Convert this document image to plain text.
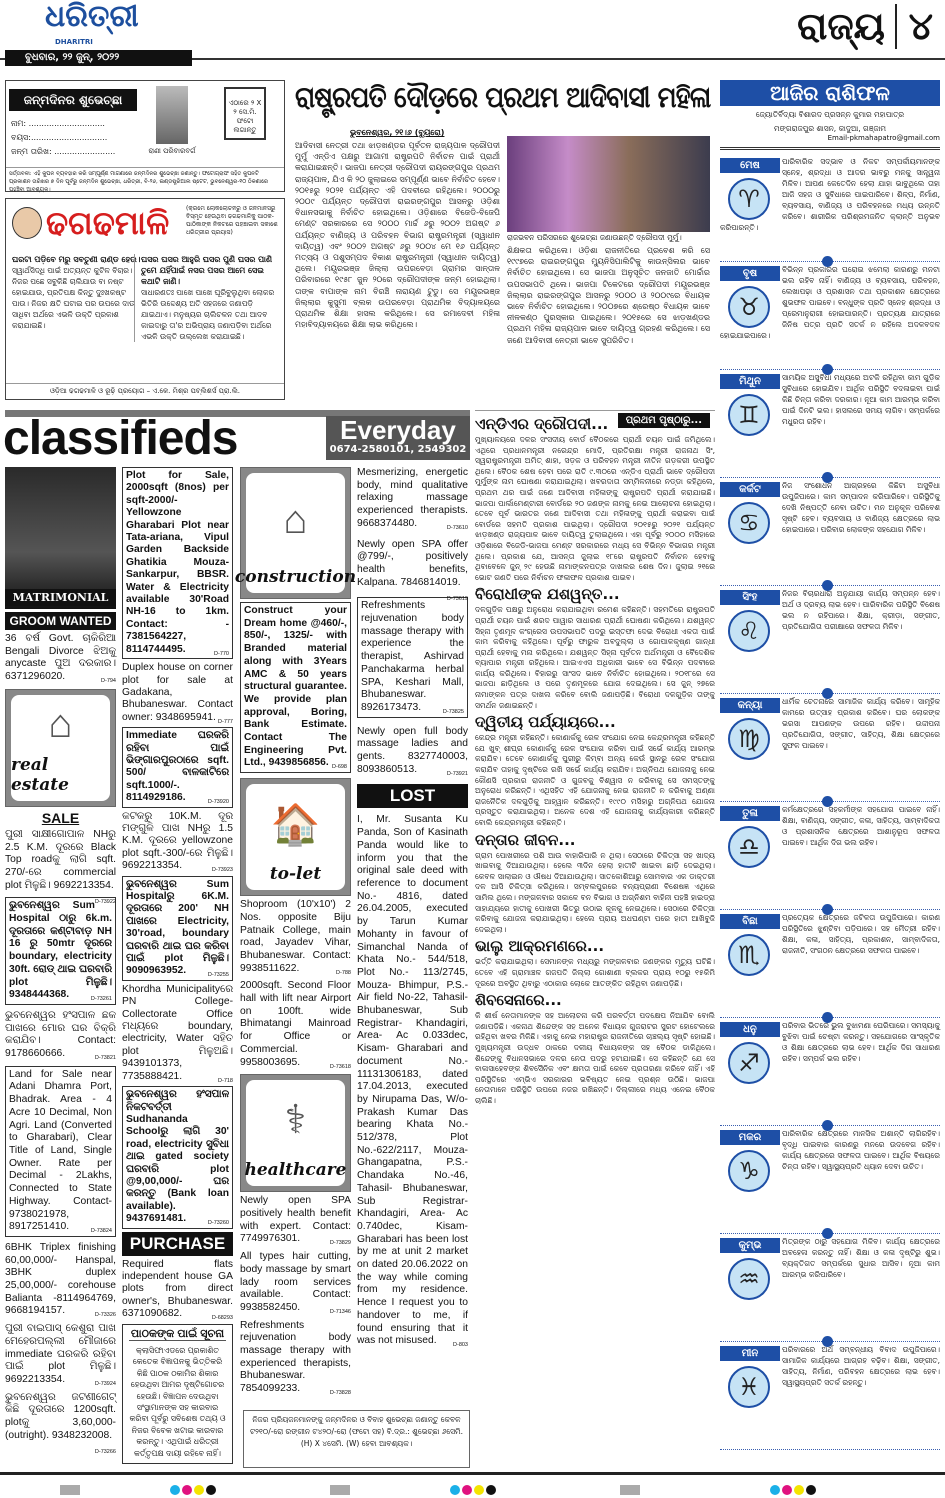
ଧରିତ୍ରୀ
DHARITRI
ବୁଧବାର, ୨୨ ଜୁନ୍, ୨୦୨୨
ରାଜ୍ୟ ୪
ଜନ୍ମଦିନର ଶୁଭେଚ୍ଛା
ନାମ: ..............................
ବୟସ:..............................
ଜନ୍ମ ତାରିଖ: ........................	ରାଣୀ ପରିବାରବର୍ଗ
ଏଠାରେ ୨ X ୨ ସେ.ମି. ଫଟୋ ଲଗାନ୍ତୁ
ସର୍ତ୍ତାବଳୀ: ଏହି କୁପନ ବ୍ୟବହାର କରି ସମ୍ପୂର୍ଣ୍ଣ ମାଗଣାରେ ଜନ୍ମଦିନର ଶୁଭେଚ୍ଛା ଜଣାନ୍ତୁ। ଫଟୋଗ୍ରାଫ ସହିତ କୁପନଟି ପ୍ରକାଶନ ତାରିଖର ୭ ଦିନ ପୂର୍ବରୁ ଜନ୍ମଦିନ ଶୁଭେଚ୍ଛା, ଧରିତ୍ରୀ, ବି-୨୬, ଇଣ୍ଡଷ୍ଟ୍ରିଆଲ ଷ୍ଟେଟ, ଭୁବନେଶ୍ୱର-୧୦ ଠିକଣାରେ ପହଞ୍ଚିବା ଆବଶ୍ୟକ।
ଢଗଢମାଳି	(କ୍ରମେ ଲୋକଲୋଚନରୁ ଓ ଜନମାନସରୁ ବିସ୍ମୃତ ହେଉଥିବା ଢଗଢମାଳିକୁ ପାଠକ-ପାଠିକାଙ୍କ ନିକଟରେ ପହଞ୍ଚାଇବା ସକାଶେ ଧରିତ୍ରୀର ପ୍ରୟାସ)
ଘରଟା ପଡ଼ିବେ ମରୁ ସବତୁଣୀ ରାଣ୍ଡ ହେଉ।
ସ୍ୱାର୍ଥସିଦ୍ଧି ପାଇଁ ଅତ୍ୟନ୍ତ କୁଟିଳ ବିଚାର। ନିଜର ପଛେ ସବୁକିଛି ଚାଲିଯାଉ ବା ନଷ୍ଟ ହୋଇଯାଉ, ପ୍ରତିପକ୍ଷ କିନ୍ତୁ ଦୁଃଖକଷ୍ଟ ପାଉ। ନିଜର କ୍ଷତି ଘଟାଇ ପର ଉପରେ ଦାଉ ସାଧିବା ଅର୍ଥରେ ଏଭଳି ଉକ୍ତି ପ୍ରକାଶ କରାଯାଇଛି।
ଘସର ଘସର ଆହୁରି ଘସର ପୁଣି ଘସର ପାଣି ତୁମେ ଯହିଁପାଇଁ ନସର ପସର ଆମେ ସେଇ କଥାଟି ଜାଣି।
ସାଧାରଣତଃ ପାଖେ ପାଖେ ଘୂରିବୁଲୁଥିବା ଲୋକର ଭିତିରି ଉଦ୍ଦେଶ୍ୟ ଅତି ସହଜରେ ଜଣାପଡ଼ି ଯାଇଥାଏ। ମନୁଷ୍ୟର ଚାଲିଚଳନ ତଥା ଆଦବ କାଇଦାରୁ ତା'ର ଅଭିପ୍ରାୟ ଜଣାପଡ଼ିବା ଅର୍ଥରେ ଏଭଳି ଉକ୍ତି ଉଲ୍ଲେଖ କରାଯାଇଛି।
ଓଡ଼ିଆ ଢଗଢମାଳି ଓ ରୂଢ଼ି ପ୍ରୟୋଗ – ଏ.କେ. ମିଶ୍ର ପବ୍ଲିଶର୍ସ ପ୍ରା.ଲି.
ରାଷ୍ଟ୍ରପତି ଦୌଡ଼ରେ ପ୍ରଥମ ଆଦିବାସୀ ମହିଳା
ଭୁବନେଶ୍ୱର, ୨୧।୬ (ବ୍ୟୁରୋ)
ଆଦିବାସୀ ନେତ୍ରୀ ତଥା ଝାଡ଼ଖଣ୍ଡର ପୂର୍ବତନ ରାଜ୍ୟପାଳ ଦ୍ରୌପଦୀ ମୁର୍ମୁ ଏନ୍‌ଡିଏ ପକ୍ଷରୁ ଆଗାମୀ ରାଷ୍ଟ୍ରପତି ନିର୍ବାଚନ ପାଇଁ ପ୍ରାର୍ଥୀ କରାଯାଇଛନ୍ତି। ଭାଜପା ନେତ୍ରୀ ଦ୍ରୌପଦୀ ରାୟରଙ୍ଗପୁର ପ୍ରଥମ ରାଜ୍ୟପାଳ, ଯିଏ କି ୨୦ ଜୁଲାଇରେ ସମ୍ପୂର୍ଣ୍ଣ ଭାବେ ନିର୍ବାଚିତ ହେବେ। ୨୦୧୫ରୁ ୨୦୨୧ ପର୍ଯ୍ୟନ୍ତ ଏହି ପଦବୀରେ ରହିଥିଲେ। ୨୦୦୦ରୁ ୨୦୦୯ ପର୍ଯ୍ୟନ୍ତ ଦ୍ରୌପଦୀ ରାଇରଙ୍ଗପୁର ଆସନରୁ ଓଡ଼ିଶା ବିଧାନସଭାକୁ ନିର୍ବାଚିତ ହୋଇଥିଲେ। ଓଡ଼ିଶାରେ ବିଜେଡି-ବିଜେପି ମେଣ୍ଟ ସରକାରରେ ସେ ୨୦୦୦ ମାର୍ଚ୍ଚ ୬ରୁ ୨୦୦୨ ଅଗଷ୍ଟ ୬ ପର୍ଯ୍ୟନ୍ତ ବାଣିଜ୍ୟ ଓ ପରିବହନ ବିଭାଗ ରାଷ୍ଟ୍ରମନ୍ତ୍ରୀ (ସ୍ୱାଧୀନ ଦାୟିତ୍ୱ) ଏବଂ ୨୦୦୨ ଅଗଷ୍ଟ ୬ରୁ ୨୦୦୪ ମେ ୧୬ ପର୍ଯ୍ୟନ୍ତ ମତ୍ସ୍ୟ ଓ ପଶୁସମ୍ପଦ ବିକାଶ ରାଷ୍ଟ୍ରମନ୍ତ୍ରୀ (ସ୍ୱାଧୀନ ଦାୟିତ୍ୱ) ଥିଲେ। ମୟୂରଭଞ୍ଜ ଜିଲ୍ଲା ଉପରବେଡ଼ା ଗ୍ରାମର ସାନ୍ତାଳ ପରିବାରରେ ୧୯୫୮ ଜୁନ ୨୦ରେ ଦ୍ରୌପଦୀଙ୍କ ଜନ୍ମ ହୋଇଥିଲା। ତାଙ୍କ ବାପାଙ୍କ ନାମ ବିରଞ୍ଚି ନାରାୟଣ ଟୁଡୁ। ସେ ମୟୂରଭଞ୍ଜ ଜିଲ୍ଲାର କୁସୁମୀ ବ୍ଲକ ଉପରବେଡ଼ା ପ୍ରାଥମିକ ବିଦ୍ୟାଳୟରେ ପ୍ରାଥମିକ ଶିକ୍ଷା ହାସଲ କରିଥିଲେ। ସେ ରମାଦେବୀ ମହିଳା ମହାବିଦ୍ୟାଳୟରେ ଶିକ୍ଷା ଲାଭ କରିଥିଲେ।
ରାଜଭବନ ପରିସରରେ ଶୁଭେଚ୍ଛା ଜଣାଉଛନ୍ତି ଦ୍ରୌପଦୀ ମୁର୍ମୁ।
ଶିକ୍ଷକତା କରିଥିଲେ। ଓଡ଼ିଶା ରାଜନୀତିରେ ପ୍ରବେଶ କରି ସେ ୧୯୯୭ରେ ରାଇରଙ୍ଗପୁର ମ୍ୟୁନିସିପାଲିଟିକୁ କାଉନ୍ସିଲର ଭାବେ ନିର୍ବାଚିତ ହୋଇଥିଲେ। ସେ ଭାଜପା ଅନୁସୂଚିତ ଜନଜାତି ମୋର୍ଚ୍ଚାର ଉପସଭାପତି ଥିଲେ। ଭାଜପା ଟିକେଟରେ ଦ୍ରୌପଦୀ ମୟୂରଭଞ୍ଜ ଜିଲ୍ଲାର ରାଇରଙ୍ଗପୁର ଆସନରୁ ୨୦୦୦ ଓ ୨୦୦୯ରେ ବିଧାୟକ ଭାବେ ନିର୍ବାଚିତ ହୋଇଥିଲେ। ୨୦୦୭ରେ ଶ୍ରେଷ୍ଠ ବିଧାୟକ ଭାବେ ନୀଳକଣ୍ଠ ପୁରସ୍କାର ପାଇଥିଲେ। ୨୦୧୫ରେ ସେ ଝାଡ଼ଖଣ୍ଡର ପ୍ରଥମ ମହିଳା ରାଜ୍ୟପାଳ ଭାବେ ଦାୟିତ୍ୱ ଗ୍ରହଣ କରିଥିଲେ। ସେ ଜଣେ ଆଦିବାସୀ ନେତ୍ରୀ ଭାବେ ସୁପରିଚିତ।
ଆଜିର ରାଶିଫଳ
ଜ୍ୟୋତିର୍ବିଦ୍ୟା ବିଶାରଦ ପ୍ରସନ୍ନ କୁମାର ମହାପାତ୍ର
ମଙ୍ଗରାଜପୁର ଶାସନ, କାଦୁଆ, ଗଞ୍ଜାମ
Email-pkmahapatro@gmail.com
ପାରିବାରିକ ସଦ୍ଭାବ ଓ ନିକଟ ସମ୍ପର୍କୀୟମାନଙ୍କ ସ୍ନେହ, ଶ୍ରଦ୍ଧା ଓ ଆଦର ଭାବରୁ ମନକୁ ସାନ୍ତ୍ୱନା ମିଳିବ। ଆପଣ କେତେଦିନ ହେଲା ଯାହା ଭାବୁଥିଲେ ତାହା ଆଜି ସହଜ ଓ ସୁବିଧାରେ ପାଇପାରିବେ। ଶିଳ୍ପ, ନିର୍ମାଣ, ବ୍ୟବସାୟ, ବାଣିଜ୍ୟ ଓ ପରିବହନରେ ମଧ୍ୟ ଉନ୍ନତି କରିବେ। ଶାରୀରିକ ପରିଶ୍ରମଜନିତ କ୍ଲାନ୍ତି ଅନୁଭବ କରିପାରନ୍ତି।
ମେଷ
♈
ବିଭିନ୍ନ ପ୍ରକାରର ଘରୋଇ ଝମେଲା କାରଣରୁ ମନଟା ଭଲ ରହିବ ନାହିଁ। ବାଣିଜ୍ୟ ଓ ବ୍ୟବସାୟ, ପରିବହନ, ଲେଖାପଢ଼ା ଓ ପ୍ରଶାସନ ତଥା ପ୍ରକାଶନ କ୍ଷେତ୍ରରେ ଶୁଭଫଳ ପାଇବେ। ବନ୍ଧୁଙ୍କ ପ୍ରତି ସ୍ନେହ ଶ୍ରଦ୍ଧା ଓ ପ୍ରେମାନୁରାଗୀ ହୋଇପାରନ୍ତି। ପ୍ରତ୍ୟକ୍ଷ ଯାତ୍ରାରେ ଜିନିଷ ପତ୍ର ପ୍ରତି ସତର୍କ ନ ରହିଲେ ଅଦଳବଦଳ ହୋଇଯାଇପାରେ।
ବୃଷ
♉
ସାମୟିକ ଅସୁବିଧା ମଧ୍ୟରେ ଅଟକି ରହିଥିବା କାମ ଗୁଡ଼ିକ ସୁବିଧାରେ ହୋଇଯିବ। ଆର୍ଥିକ ପରିସ୍ଥିତି ବଦଳାଇବା ପାଇଁ କିଛି ଚିନ୍ତା କରିବା ଦରକାର। ନୂଆ କାମ ଆରମ୍ଭ କରିବା ପାଇଁ ଦିନଟି ଭଲ। ହାସଲରେ ସମୟ ଲାଗିବ। ସମ୍ପର୍କରେ ମଧୁରତା ରହିବ।
ମିଥୁନ
♊
ନିଜ ସଂଶୋଧନ ଆଗ୍ରହରେ କିଛିଟା ଅସୁବିଧା ଉପୁଜିପାରେ। କାମ ସମ୍ପାଦନ କରିପାରିବେ। ପରିସ୍ଥିତିକୁ ଦେଖି ନିଷ୍ପତ୍ତି ନେବା ଉଚିତ। ମନ ଅନୁକୂଳ ପରିବେଶ ସୃଷ୍ଟି ହେବ। ବ୍ୟବସାୟ ଓ ବାଣିଜ୍ୟ କ୍ଷେତ୍ରରେ ଲାଭ ହୋଇପାରେ। ପରିବାର ଲୋକଙ୍କ ସହଯୋଗ ମିଳିବ।
କର୍କଟ
♋
ନିଜର ବିଚାରଧାରା ଅନୁଯାୟୀ କାର୍ଯ୍ୟ ସମ୍ପନ୍ନ ହେବ। ଅର୍ଥ ଓ ଦ୍ରବ୍ୟ ଲାଭ ହେବ। ପାରିବାରିକ ପରିସ୍ଥିତି ବିଶେଷ ଭଲ ନ ରହିପାରେ। ଶିକ୍ଷା, କ୍ରୀଡ଼ା, ସଙ୍ଗୀତ, ପ୍ରତିଯୋଗିତା ପରୀକ୍ଷାରେ ସଫଳତା ମିଳିବ।
ସିଂହ
♌
ଧାର୍ମିକ ଚେତନାରେ ସାମାଜିକ କାର୍ଯ୍ୟ କରିବେ। ସାମୂହିକ କାମରେ ଉତ୍ସାହ ପ୍ରକାଶ କରିବେ। ଘର ଲୋକଙ୍କ ଭରସା ଆପଣଙ୍କ ଉପରେ ରହିବ। ଉଦ୍ଦୀପନା ପ୍ରତିଯୋଗିତା, ସଙ୍ଗୀତ, ସାହିତ୍ୟ, ଶିକ୍ଷା କ୍ଷେତ୍ରରେ ସୁଫଳ ପାଇବେ।
କନ୍ୟା
♍
କର୍ମକ୍ଷେତ୍ରରେ ସହକର୍ମୀଙ୍କ ସହଯୋଗ ପାଇବେ ନାହିଁ। ଶିକ୍ଷା, ବାଣିଜ୍ୟ, ସଙ୍ଗୀତ, କଳା, ସାହିତ୍ୟ, ସାମ୍ବାଦିକତା ଓ ପ୍ରଶାସନିକ କ୍ଷେତ୍ରରେ ଆଶାନୁରୂପ ସଫଳତା ପାଇବେ। ଆର୍ଥିକ ଦିଗ ଭଲ ରହିବ।
ତୁଳା
♎
ପ୍ରତ୍ୟେକ କ୍ଷେତ୍ରରେ ଜଟିଳତା ଉପୁଜିପାରେ। କାରଣ ପରିସ୍ଥିତିରେ ଝୁଣ୍ଟିବା ପଡ଼ିପାରେ। ସହ ମୈତ୍ରୀ ରହିବ। ଶିକ୍ଷା, କଳା, ସାହିତ୍ୟ, ପ୍ରକାଶନ, ସାମ୍ବାଦିକତା, ରାଜନୀତି, ସଂଗଠନ କ୍ଷେତ୍ରରେ ସଫଳତା ପାଇବେ।
ବିଛା
♏
ପରିବାର ଭିତରେ ଭୁଲ ବୁଝାମଣା ଘେରିପାରେ। ସମସ୍ୟାକୁ ବୁଝିବା ପାଇଁ ଚେଷ୍ଟା କରନ୍ତୁ। ସହଯୋଗରେ ସାଂସ୍କୃତିକ ଓ ଶିକ୍ଷା କ୍ଷେତ୍ରରେ ଲାଭ ହେବ। ଆର୍ଥିକ ଦିଗ ସାଧାରଣ ରହିବ। ସମ୍ପର୍କ ଭଲ ରହିବ।
ଧନୁ
♐
ପାରିବାରିକ କ୍ଷେତ୍ରରେ ମାନସିକ ଅଶାନ୍ତି ଲାଗିରହିବ। ବୃଦ୍ଧି ପାଇବାର କାରଣରୁ ମନରେ ଉଦବେଗ ରହିବ। କାର୍ଯ୍ୟ କ୍ଷେତ୍ରରେ ସଫଳତା ପାଇବେ। ଆର୍ଥିକ ବିଷୟରେ ଚିନ୍ତା ରହିବ। ସ୍ୱାସ୍ଥ୍ୟପ୍ରତି ଧ୍ୟାନ ଦେବା ଉଚିତ।
ମକର
♑
ମିତ୍ରଙ୍କ ଠାରୁ ସହଯୋଗ ମିଳିବ। କାର୍ଯ୍ୟ କ୍ଷେତ୍ରରେ ଅବହେଳା କରନ୍ତୁ ନାହିଁ। ଶିକ୍ଷା ଓ କଳା ଦୃଷ୍ଟିରୁ ଶୁଭ। ବ୍ୟକ୍ତିଗତ ସମ୍ପର୍କରେ ସୁଧାର ଆସିବ। ନୂଆ କାମ ଆରମ୍ଭ କରିପାରିବେ।
କୁମ୍ଭ
♒
ପରିବାରରେ ଅର୍ଥ ସମ୍ବନ୍ଧୀୟ ବିବାଦ ଉପୁଜିପାରେ। ସାମାଜିକ କାର୍ଯ୍ୟରେ ଆଗ୍ରହ ବଢ଼ିବ। ଶିକ୍ଷା, ସଙ୍ଗୀତ, ସାହିତ୍ୟ, ନିର୍ମାଣ, ପରିବହନ କ୍ଷେତ୍ରରେ ଲାଭ ହେବ। ସ୍ୱାସ୍ଥ୍ୟପ୍ରତି ସତର୍କ ରହନ୍ତୁ।
ମୀନ
♓
classifieds	Everyday
0674-2580101, 2549302
MATRIMONIAL
GROOM WANTED
36 ବର୍ଷ Govt. ଚାକିରିଆ Bengali Divorce ଝିଅକୁ anycaste ପୁଅ ଦରକାର। 6371296020.	D-794
⌂
real estate
SALE
ପୁରୀ ସାକ୍ଷୀଗୋପାଳ NHରୁ 2.5 K.M. ଦୂରରେ Black Top roadକୁ ଲାଗି sqft. 270/-ରେ commercial plot ମିଳୁଛି। 9692213354.
D-73922
ଭୁବନେଶ୍ୱର Sum Hospital ଠାରୁ 6k.m. ଦୂରତାରେ କଣ୍ଟାବାଡ଼ NH 16 ରୁ 50mtr ଦୂରରେ boundary, electricity 30ft. ରୋଡ୍ ଥାଇ ଘରବାରି plot ମିଳୁଛି। 9348444368.	D-73261
ଭୁବନେଶ୍ୱର ହଂସପାଳ ଛକ ପାଖରେ ମୋର ଘର ବିକ୍ରି କରାଯିବ। Contact: 9178660666.	D-73821
Land for Sale near Adani Dhamra Port, Bhadrak. Area - 4 Acre 10 Decimal, Non Agri. Land (Converted to Gharabari), Clear Title of Land, Single Owner. Rate per Decimal - 2Lakhs, Connected to State Highway. Contact- 9738021978, 8917251410.	D-73824
6BHK Triplex finishing 60,00,000/- Hanspal, 3BHK duplex 25,00,000/- corehouse Balianta -8114964769, 9668194157.	D-73326
ପୁରୀ ବାଇପାସ୍ କେଶୁରା ପାଖ ମେହେରପଲ୍ଲୀ ମୌଜାରେ immediate ଘରକରି ରହିବା ପାଇଁ plot ମିଳୁଛି। 9692213354.	D-73924
ଭୁବନେଶ୍ୱର ଜଟଣୀଗେଟ୍ କିଛି ଦୂରତାରେ 1200sqft. plotକୁ 3,60,000- (outright). 9348232008.
D-73266
Plot for Sale, 2000sqft (8nos) per sqft-2000/- Yellowzone Gharabari Plot near Tata-ariana, Vipul Garden Backside Ghatikia Mouza- Sankarpur, BBSR. Water & Electricity available 30'Road NH-16 to 1km. Contact: - 7381564227, 8114744495.	D-770
Duplex house on corner plot for sale at Gadakana, Bhubaneswar. Contact owner: 9348695941. D-777
Immediate ଘରକରି ରହିବା ପାଇଁ ଭିଙ୍ଗାରପୁରଠାରେ sqft. 500/ ବାଳକାଟିରେ sqft.1000/-. 8114929186.	D-73920
କଟକରୁ 10K.M. ଦୂର ମଙ୍ଗୁଳି ପାଖ NHରୁ 1.5 K.M. ଦୂରରେ yellowzone plot sqft.-300/-ରେ ମିଳୁଛି। 9692213354.	D-73923
ଭୁବନେଶ୍ୱର Sum Hospitalରୁ 6K.M. ଦୂରତାରେ 200' NH ପାଖରେ Electricity, 30'road, boundary ଘରବାରି ଥାଇ ଘର କରିବା ପାଇଁ plot ମିଳୁଛି। 9090963952.	D-73255
Khordha Municipalityରେ PN College- Collectorate Office ମଧ୍ୟରେ boundary, electricity, Water ସହିତ plot ମିଳୁଅଛି। 9439101373, 7735888421.	D-718
ଭୁବନେଶ୍ୱର ହଂସପାଳ ନିକଟବର୍ତ୍ତୀ Sudhananda Schoolରୁ ଲାଗି 30' road, electricity ସୁବିଧା ଥାଇ gated society ଘରବାରି plot @9,00,000/- ଘର କରନ୍ତୁ (Bank loan available). 9437691481.	D-73260
PURCHASE
Required flats independent house GA plots from direct owner's, Bhubaneswar. 6371090682.	D-68293
ପାଠକଙ୍କ ପାଇଁ ସୂଚନା
କ୍ଲାସିଫାଏଡରେ ପ୍ରକାଶିତ କେତେକ ବିଜ୍ଞାପନକୁ ଭିତ୍ତିକରି କିଛି ପାଠକ ଠକାମିର ଶିକାର ହେଉଥିବା ଆମର ଦୃଷ୍ଟିଗୋଚର ହେଉଛି। ବିଜ୍ଞାପନ ଦେଉଥିବା ସଂସ୍ଥାମାନଙ୍କ ସହ କାରବାର କରିବା ପୂର୍ବରୁ ସବିଶେଷ ତଥ୍ୟ ଓ ନିଜର ବିବେକ ଖଟାଇ କାରବାର କରନ୍ତୁ। ଏଥିପାଇଁ ଧରିତ୍ରୀ କର୍ତ୍ତୃପକ୍ଷ ଦାୟୀ ରହିବେ ନାହିଁ।
⌂
construction
Construct your Dream home @460/-, 850/-, 1325/- with Branded material along with 3Years AMC & 50 years structural guarantee. We provide plan approval, Boring, Bank Estimate. Contact The Engineering Pvt. Ltd., 9439856856. D-698
🏠
to-let
Shoproom (10'x10') 2 Nos. opposite Biju Patnaik College, main road, Jayadev Vihar, Bhubaneswar. Contact: 9938511622.	D-788
2000sqft. Second Floor hall with lift near Airport on 100ft. wide Bhimatangi Mainroad for Office or Commercial. 9958003695.	D-73618
⚕
healthcare
Newly open SPA positively health benefit with expert. Contact: 7749976301.	D-73829
All types hair cutting, body massage by smart lady room services available. Contact: 9938582450.	D-71346
Refreshments rejuvenation body massage therapy with experienced therapists, Bhubaneswar. 7854099233.	D-73828
Mesmerizing, energetic body, mind qualitative relaxing massage experienced therapists. 9668374480.	D-73610
Newly open SPA offer @799/-, positively health benefits, Kalpana. 7846814019.
D-73619
Refreshments rejuvenation body massage therapy with experience the therapist, Ashirvad Panchakarma herbal SPA, Keshari Mall, Bhubaneswar. 8926173473.	D-73825
Newly open full body massage ladies and gents. 8327740003, 8093860513.	D-73921
LOST
I, Mr. Susanta Ku Panda, Son of Kasinath Panda would like to inform you that the original sale deed with reference to document No.- 4816, dated 26.04.2005, executed by Tarun Kumar Mohanty in favour of Simanchal Nanda of Khata No.- 544/518, Plot No.- 113/2745, Mouza- Bhimpur, P.S.- Air field No-22, Tahasil- Bhubaneswar, Sub Registrar- Khandagiri, Area- Ac 0.033dec, Kisam- Gharabari and document No.- 11131306183, dated 17.04.2013, executed by Nirupama Das, W/o- Prakash Kumar Das bearing Khata No.- 512/378, Plot No.-622/2117, Mouza- Ghangapatna, P.S.- Chandaka No.-46, Tahasil- Bhubaneswar, Sub Registrar- Khandagiri, Area- Ac 0.740dec, Kisam- Gharabari has been lost by me at unit 2 market on dated 20.06.2022 on the way while coming from my residence. Hence I request you to handover to me, if found ensuring that it was not misused.	D-803
ନିଜର ପ୍ରିୟଜନମାନଙ୍କୁ ଜନ୍ମଦିନର ଓ ବିବାହ ଶୁଭେଚ୍ଛା ଜଣାନ୍ତୁ କେବଳ ଟ୨୧୦/-ରୋ ରଙ୍ଗୀନ ଟ୪୨୦/-ରୋ (ଫଟୋ ସହ) ବି.ଦ୍ର.: ଶୁଭେଚ୍ଛା ୬ସେମି. (H) X ୪ସେମି. (W) ହେବା ଆବଶ୍ୟକ।
ପ୍ରଥମ ପୃଷ୍ଠାରୁ...
ଏନ୍‌ଡିଏର ଦ୍ରୌପଦୀ...
ମୁଖ୍ୟାଳୟରେ ଦଳର ସଂସଦୀୟ ବୋର୍ଡ ବୈଠକରେ ପ୍ରାର୍ଥୀ ଚୟନ ପାଇଁ ଜମିଥିଲେ। ଏଥିରେ ପ୍ରଧାନମନ୍ତ୍ରୀ ନରେନ୍ଦ୍ର ମୋଦି, ପ୍ରତିରକ୍ଷା ମନ୍ତ୍ରୀ ରାଜନାଥ ସିଂ, ସ୍ୱରାଷ୍ଟ୍ରମନ୍ତ୍ରୀ ଅମିତ୍ ଶାହା, ସଡ଼କ ଓ ପରିବହନ ମନ୍ତ୍ରୀ ନୀତିନ ଗଡ଼କରୀ ଉପସ୍ଥିତ ଥିଲେ। ବୈଠକ ଶେଷ ହେବା ପରେ ରାତି ୯.୩୦ରେ ଏନ୍‌ଡିଏ ପ୍ରାର୍ଥୀ ଭାବେ ଦ୍ରୌପଦୀ ମୁର୍ମୁଙ୍କ ନାମ ଘୋଷଣା କରାଯାଇଥିଲା। ଖବରଦାତା ସମ୍ମିଳନୀରେ ନଡ୍ଡା କହିଥିଲେ, ପ୍ରଥମ ଥର ପାଇଁ ଜଣେ ଆଦିବାସୀ ମହିଳାଙ୍କୁ ରାଷ୍ଟ୍ରପତି ପ୍ରାର୍ଥୀ କରାଯାଇଛି। ଭାଜପା ପାର୍ଲାମେଣ୍ଟାରୀ ବୋର୍ଡରେ ୨୦ ଜଣଙ୍କ ନାମକୁ ନେଇ ଆଲୋଚନା ହୋଇଥିଲା। ତେବେ ପୂର୍ବ ଭାରତର ଜଣେ ଆଦିବାସୀ ତଥା ମହିଳାଙ୍କୁ ପ୍ରାର୍ଥୀ କରାଇବା ପାଇଁ ବୋର୍ଡରେ ସହମତି ପ୍ରକାଶ ପାଇଥିଲା। ଦ୍ରୌପଦୀ ୨୦୧୫ରୁ ୨୦୨୧ ପର୍ଯ୍ୟନ୍ତ ଝାଡ଼ଖଣ୍ଡ ରାଜ୍ୟପାଳ ଭାବେ ଦାୟିତ୍ୱ ତୁଲାଇଥିଲେ। ଏହା ପୂର୍ବରୁ ୨୦୦୦ ମସିହାରେ ଓଡ଼ିଶାରେ ବିଜେଡି-ଭାଜପା ମେଣ୍ଟ ସରକାରରେ ମଧ୍ୟ ସେ ବିଭିନ୍ନ ବିଭାଗର ମନ୍ତ୍ରୀ ଥିଲେ। ପ୍ରକାଶ ଯେ, ଆସନ୍ତା ଜୁଲାଇ ୧୮ରେ ରାଷ୍ଟ୍ରପତି ନିର୍ବାଚନ ହେବାକୁ ଥିବାବେଳେ ଜୁନ୍ ୨୯ ହେଉଛି ନାମାଙ୍କନପତ୍ର ଦାଖଲର ଶେଷ ଦିନ। ଜୁଲାଇ ୨୧ରେ ଭୋଟ ଗଣତି ପରେ ନିର୍ବାଚନ ଫଳାଫଳ ପ୍ରକାଶ ପାଇବ।
ବିରୋଧୀଙ୍କ ଯଶୱନ୍ତ...
ଦଳଗୁଡ଼ିକ ପକ୍ଷରୁ ଅନୁରୋଧ କରାଯାଇଥିବା ରମେଶ କହିଛନ୍ତି। ସହମତିରେ ରାଷ୍ଟ୍ରପତି ପ୍ରାର୍ଥୀ ଚୟନ ପାଇଁ ଶରଦ ପାୱାର ସାଧାରଣ ପ୍ରାର୍ଥୀ ଘୋଷଣା କରିଥିଲେ। ଯଶୱନ୍ତ ସିହ୍ନା ତୃଣମୂଳ କଂଗ୍ରେସ ଉପସଭାପତି ପଦରୁ ଇସ୍ତଫା ଦେଇ ବିରୋଧୀ ଏକତା ପାଇଁ କାମ କରିବାକୁ କହିଥିଲେ। ପୂର୍ବରୁ ଫାରୁକ ଅବଦୁଲ୍ଲା ଓ ଗୋପାଳକୃଷ୍ଣ ଗାନ୍ଧୀ ପ୍ରାର୍ଥୀ ହେବାକୁ ମନା କରିଥିଲେ। ଯଶୱନ୍ତ ସିହ୍ନା ପୂର୍ବତନ ଅର୍ଥମନ୍ତ୍ରୀ ଓ ବୈଦେଶିକ ବ୍ୟାପାର ମନ୍ତ୍ରୀ ରହିଥିଲେ। ଆଇଏଏସ ଅଧିକାରୀ ଭାବେ ସେ ବିଭିନ୍ନ ପଦବୀରେ କାର୍ଯ୍ୟ କରିଥିଲେ। ବିହାରରୁ ସାଂସଦ ଭାବେ ନିର୍ବାଚିତ ହୋଇଥିଲେ। ୨୦୧୮ରେ ସେ ଭାଜପା ଛାଡ଼ିଥିଲେ ଓ ପରେ ତୃଣମୂଳରେ ଯୋଗ ଦେଇଥିଲେ। ସେ ଜୁନ୍ ୨୭ରେ ନାମାଙ୍କନ ପତ୍ର ଦାଖଲ କରିବେ ବୋଲି ଜଣାପଡ଼ିଛି। ବିରୋଧୀ ଦଳଗୁଡ଼ିକ ତାଙ୍କୁ ସମର୍ଥନ ଜଣାଇଛନ୍ତି।
ଦ୍ୱିତୀୟ ପର୍ଯ୍ୟାୟରେ...
କେନ୍ଦ୍ର ମନ୍ତ୍ରୀ କହିଛନ୍ତି। କୋଣାର୍କକୁ ରେଳ ସଂଯୋଗ ନେଇ କେନ୍ଦ୍ରମନ୍ତ୍ରୀ କହିଛନ୍ତି ଯେ ଖୁବ୍ ଶୀଘ୍ର କୋଣାର୍କକୁ ରେଳ ସଂଯୋଗ କରିବା ପାଇଁ ସର୍ଭେ କାର୍ଯ୍ୟ ଆରମ୍ଭ କରାଯିବ। ତେବେ କୋଣାର୍କକୁ ପୁରୀରୁ କିମ୍ବା ଅନ୍ୟ କେଉଁ ସ୍ଥାନରୁ ରେଳ ସଂଯୋଗ କରାଯିବ ତାହାକୁ ଦୃଷ୍ଟିରେ ରଖି ସର୍ଭେ କାର୍ଯ୍ୟ କରାଯିବ। ଅଗ୍ନିପଥ ଯୋଜନାକୁ ନେଇ କୌଣସି ପ୍ରକାର ରାଜନୀତି ଓ ଗୁଜବକୁ ବିଶ୍ୱାସ ନ କରିବାକୁ ସେ ସମସ୍ତଙ୍କୁ ଅନୁରୋଧ କରିଛନ୍ତି। ଏଥିସହିତ ଏହି ଯୋଜନାକୁ ନେଇ ରାଜନୀତି ନ କରିବାକୁ ଅଣ୍ଣା ରାଜନୈତିକ ଦଳଗୁଡ଼ିକୁ ଆହ୍ୱାନ କରିଛନ୍ତି। ୧୯୯୦ ମସିହାରୁ ଅଗ୍ନିପଥ ଯୋଜନା ପ୍ରସ୍ତୁତ କରାଯାଇଥିଲା। ଅନେକ ଦେଶ ଏହି ଯୋଜନାକୁ କାର୍ଯ୍ୟକାରୀ କରିଛନ୍ତି ବୋଲି କେନ୍ଦ୍ରମନ୍ତ୍ରୀ କହିଛନ୍ତି।
ଦନ୍ତାର ଜୀବନ...
ଗ୍ରାମ ପୋଖରୀରେ ପଶି ଆଉ ବାହାରିପାରି ନ ଥିଲା। ସେଠାରେ ଚିକିତ୍ସା ସହ ଖାଦ୍ୟ ଖାଇବାକୁ ଦିଆଯାଉଥିଲା। ହେଲେ ୩ଦିନ ହେଲା ହାତୀଟି ଖାଇବା ଛାଡ଼ି ଦେଇଥିଲା। କେବଳ ସାଲାଇନ ଓ ଔଷଧ ଦିଆଯାଉଥିଲା। ସାତକୋଶିଆରୁ ସୋମବାର ଏକ ଡାକ୍ତରୀ ଦଳ ଆସି ଚିକିତ୍ସା କରିଥିଲେ। ସମ୍ବଲପୁରରେ ବନ୍ୟପ୍ରାଣୀ ବିଶେଷଜ୍ଞ ଏଥିରେ ସାମିଲ ଥିଲେ। ମଙ୍ଗଳବାର ସକାଳେ ବନ ବିଭାଗ ଓ ଅଗ୍ନିଶମ ବାହିନୀ ପହଞ୍ଚି ହାଇଡ୍ରା ସାହାଯ୍ୟରେ ହାତୀକୁ ପୋଖରୀ ଭିତରୁ ଉଠାଇ କୂଳକୁ ନେଇଥିଲେ। ସେଠାରେ ଚିକିତ୍ସା କରିବାକୁ ଯୋଜନା କରାଯାଇଥିଲା। ହେଲେ ପ୍ରାୟ ଅଧଘଣ୍ଟା ପରେ ହାତୀ ଆଖିବୁଜି ଦେଇଥିଲା।
ଭାଲୁ ଆକ୍ରମଣରେ...
ଭର୍ତ୍ତି କରାଯାଇଥିଲା। ସେମାନଙ୍କ ମଧ୍ୟରୁ ମଙ୍ଗଳବାର ଜଣଙ୍କର ମୃତ୍ୟୁ ଘଟିଛି। ତେବେ ଏହି ଗ୍ରାମାଞ୍ଚଳ ଗଜପତି ଜିଲ୍ଲା ଗୋଶାଣୀ ବ୍ଲକର ପ୍ରାୟ ୧୦ରୁ ୧୫କିମି ଦୂରରେ ଅବସ୍ଥିତ ଥିବାରୁ ଏଠାକାର ଲୋକେ ଆତଙ୍କିତ ରହିଥିବା ଜଣାପଡ଼ିଛି।
ଶିବସେନାରେ...
କି ଶୀର୍ଷ ନେତାମାନଙ୍କ ସହ ଆଲୋଚନା କରି ପରବର୍ତ୍ତୀ ପଦକ୍ଷେପ ନିଆଯିବ ବୋଲି ଜଣାପଡ଼ିଛି। ଏକନାଥ ଶିନ୍ଦେଙ୍କ ସହ ଅନେକ ବିଧାୟକ ଗୁଜରାଟର ସୁରଟ ହୋଟେଲରେ ରହିଥିବା ଖବର ମିଳିଛି। ଏହାକୁ ନେଇ ମହାରାଷ୍ଟ୍ର ରାଜନୀତିରେ ଚାଞ୍ଚଲ୍ୟ ସୃଷ୍ଟି ହୋଇଛି। ମୁଖ୍ୟମନ୍ତ୍ରୀ ଉଦ୍ଧବ ଠାକରେ ଦଳୀୟ ବିଧାୟକଙ୍କ ସହ ବୈଠକ ଡାକିଥିଲେ। ଶିନ୍ଦେଙ୍କୁ ବିଧାନସଭାରେ ଦଳର ନେତା ପଦରୁ ହଟାଯାଇଛି। ସେ କହିଛନ୍ତି ଯେ ସେ ବାଳାସାହେବଙ୍କ ଶିବସୈନିକ ଏବଂ କ୍ଷମତା ପାଇଁ କେବେ ପ୍ରତାରଣା କରିବେ ନାହିଁ। ଏହି ପରିସ୍ଥିତିରେ ଏମ୍‌ଭିଏ ସରକାରର ଭବିଷ୍ୟତ ନେଇ ପ୍ରଶ୍ନ ଉଠିଛି। ଭାଜପା ନେତାମାନେ ପରିସ୍ଥିତି ଉପରେ ନଜର ରଖିଛନ୍ତି। ଦିଲ୍ଲୀରେ ମଧ୍ୟ ଏନେଇ ବୈଠକ ଚାଲିଛି।
